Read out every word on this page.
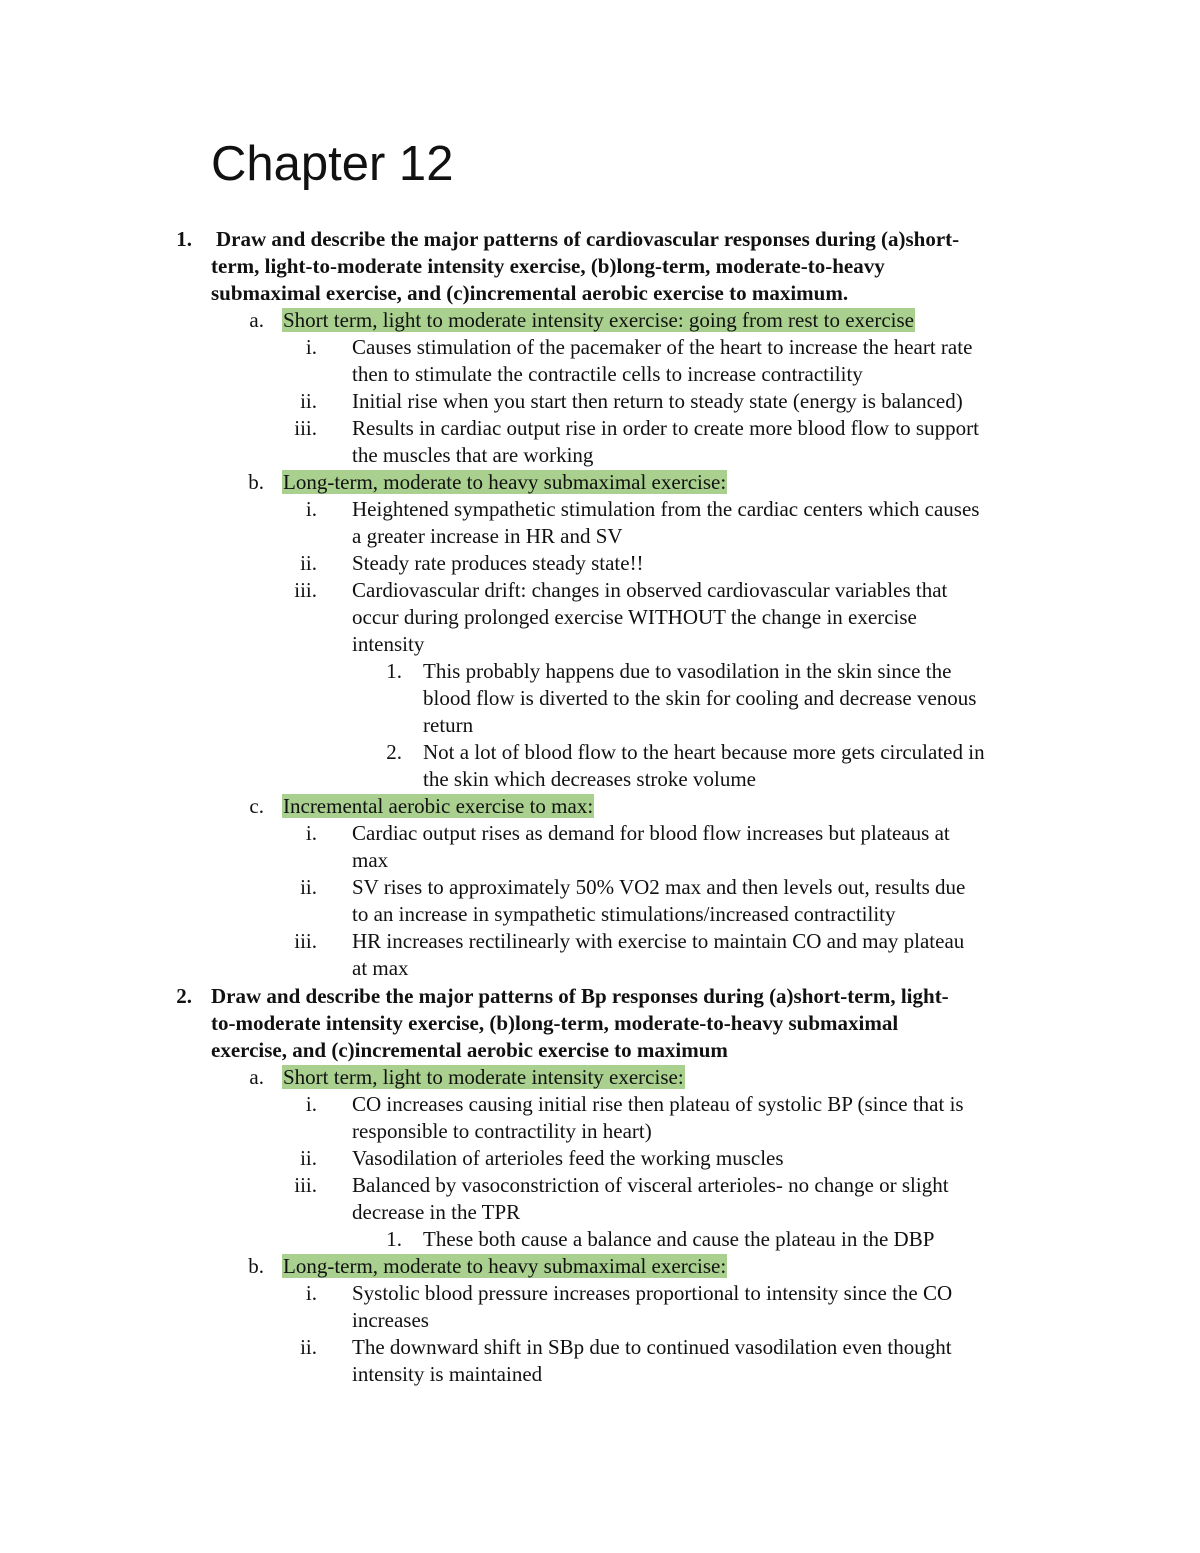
Chapter 12
1. Draw and describe the major patterns of cardiovascular responses during (a)short-
term, light-to-moderate intensity exercise, (b)long-term, moderate-to-heavy
submaximal exercise, and (c)incremental aerobic exercise to maximum.
a. Short term, light to moderate intensity exercise: going from rest to exercise
i. Causes stimulation of the pacemaker of the heart to increase the heart rate
then to stimulate the contractile cells to increase contractility
ii. Initial rise when you start then return to steady state (energy is balanced)
iii. Results in cardiac output rise in order to create more blood flow to support
the muscles that are working
b. Long-term, moderate to heavy submaximal exercise:
i. Heightened sympathetic stimulation from the cardiac centers which causes
a greater increase in HR and SV
ii. Steady rate produces steady state!!
iii. Cardiovascular drift: changes in observed cardiovascular variables that
occur during prolonged exercise WITHOUT the change in exercise
intensity
1. This probably happens due to vasodilation in the skin since the
blood flow is diverted to the skin for cooling and decrease venous
return
2. Not a lot of blood flow to the heart because more gets circulated in
the skin which decreases stroke volume
c. Incremental aerobic exercise to max:
i. Cardiac output rises as demand for blood flow increases but plateaus at
max
ii. SV rises to approximately 50% VO2 max and then levels out, results due
to an increase in sympathetic stimulations/increased contractility
iii. HR increases rectilinearly with exercise to maintain CO and may plateau
at max
2. Draw and describe the major patterns of Bp responses during (a)short-term, light-
to-moderate intensity exercise, (b)long-term, moderate-to-heavy submaximal
exercise, and (c)incremental aerobic exercise to maximum
a. Short term, light to moderate intensity exercise:
i. CO increases causing initial rise then plateau of systolic BP (since that is
responsible to contractility in heart)
ii. Vasodilation of arterioles feed the working muscles
iii. Balanced by vasoconstriction of visceral arterioles- no change or slight
decrease in the TPR
1. These both cause a balance and cause the plateau in the DBP
b. Long-term, moderate to heavy submaximal exercise:
i. Systolic blood pressure increases proportional to intensity since the CO
increases
ii. The downward shift in SBp due to continued vasodilation even thought
intensity is maintained
